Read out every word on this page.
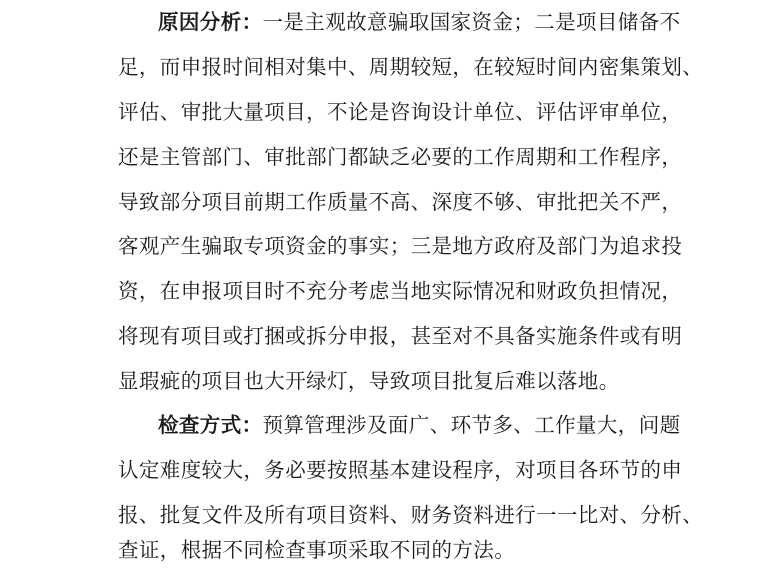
原因分析：一是主观故意骗取国家资金；二是项目储备不
足，而申报时间相对集中、周期较短，在较短时间内密集策划、
评估、审批大量项目，不论是咨询设计单位、评估评审单位，
还是主管部门、审批部门都缺乏必要的工作周期和工作程序，
导致部分项目前期工作质量不高、深度不够、审批把关不严，
客观产生骗取专项资金的事实；三是地方政府及部门为追求投
资，在申报项目时不充分考虑当地实际情况和财政负担情况，
将现有项目或打捆或拆分申报，甚至对不具备实施条件或有明
显瑕疵的项目也大开绿灯，导致项目批复后难以落地。
检查方式：预算管理涉及面广、环节多、工作量大，问题
认定难度较大，务必要按照基本建设程序，对项目各环节的申
报、批复文件及所有项目资料、财务资料进行一一比对、分析、
查证，根据不同检查事项采取不同的方法。
